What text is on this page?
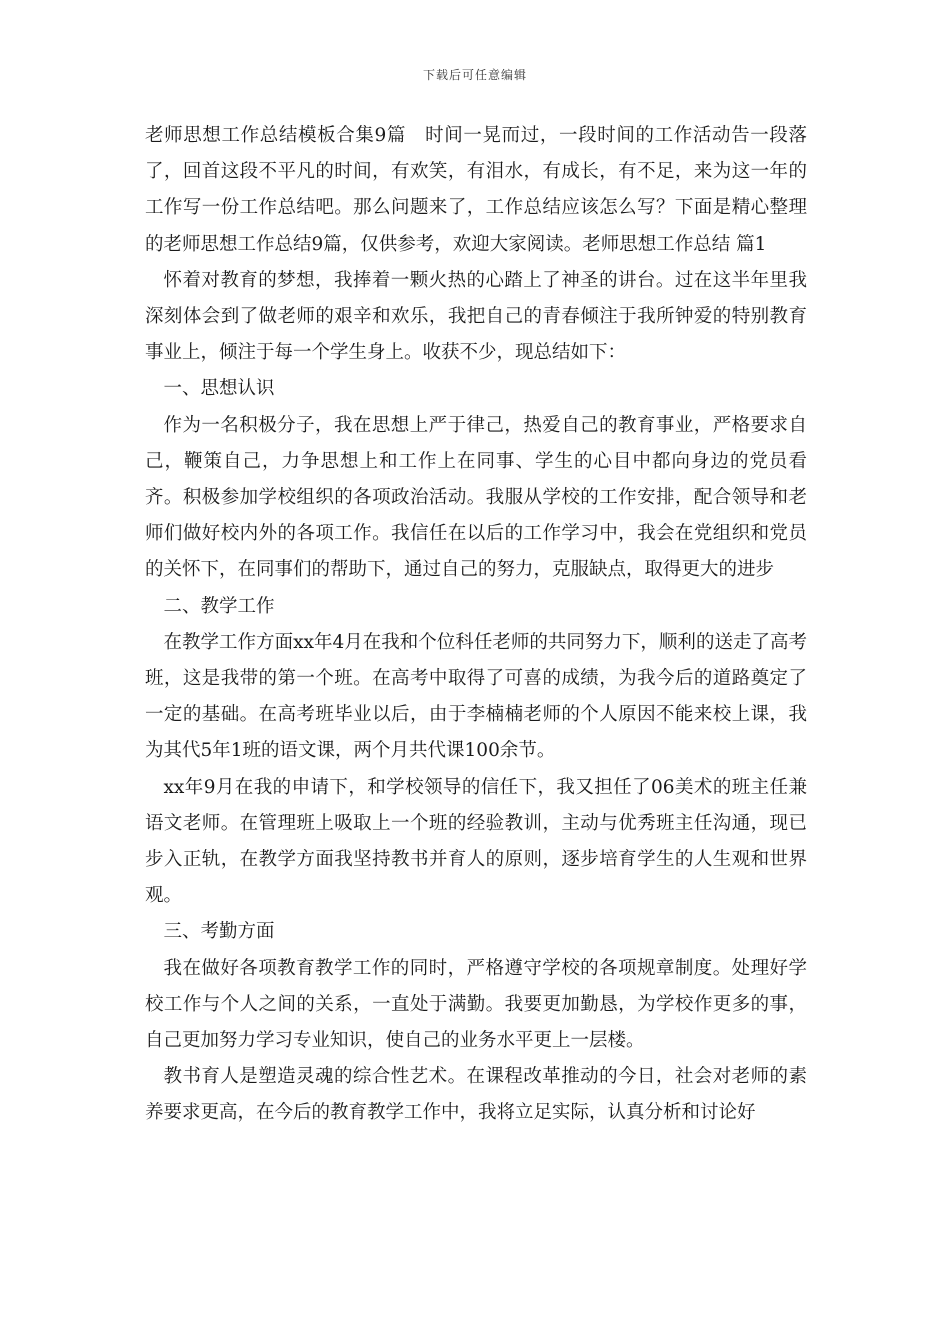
下载后可任意编辑

老师思想工作总结模板合集9篇　时间一晃而过，一段时间的工作活动告一段落了，回首这段不平凡的时间，有欢笑，有泪水，有成长，有不足，来为这一年的工作写一份工作总结吧。那么问题来了，工作总结应该怎么写？下面是精心整理的老师思想工作总结9篇，仅供参考，欢迎大家阅读。老师思想工作总结 篇1

怀着对教育的梦想，我捧着一颗火热的心踏上了神圣的讲台。过在这半年里我深刻体会到了做老师的艰辛和欢乐，我把自己的青春倾注于我所钟爱的特别教育事业上，倾注于每一个学生身上。收获不少，现总结如下：

一、思想认识

作为一名积极分子，我在思想上严于律己，热爱自己的教育事业，严格要求自己，鞭策自己，力争思想上和工作上在同事、学生的心目中都向身边的党员看齐。积极参加学校组织的各项政治活动。我服从学校的工作安排，配合领导和老师们做好校内外的各项工作。我信任在以后的工作学习中，我会在党组织和党员的关怀下，在同事们的帮助下，通过自己的努力，克服缺点，取得更大的进步

二、教学工作

在教学工作方面xx年4月在我和个位科任老师的共同努力下，顺利的送走了高考班，这是我带的第一个班。在高考中取得了可喜的成绩，为我今后的道路奠定了一定的基础。在高考班毕业以后，由于李楠楠老师的个人原因不能来校上课，我为其代5年1班的语文课，两个月共代课100余节。

xx年9月在我的申请下，和学校领导的信任下，我又担任了06美术的班主任兼语文老师。在管理班上吸取上一个班的经验教训，主动与优秀班主任沟通，现已步入正轨，在教学方面我坚持教书并育人的原则，逐步培育学生的人生观和世界观。

三、考勤方面

我在做好各项教育教学工作的同时，严格遵守学校的各项规章制度。处理好学校工作与个人之间的关系，一直处于满勤。我要更加勤恳，为学校作更多的事，自己更加努力学习专业知识，使自己的业务水平更上一层楼。

教书育人是塑造灵魂的综合性艺术。在课程改革推动的今日，社会对老师的素养要求更高，在今后的教育教学工作中，我将立足实际，认真分析和讨论好
